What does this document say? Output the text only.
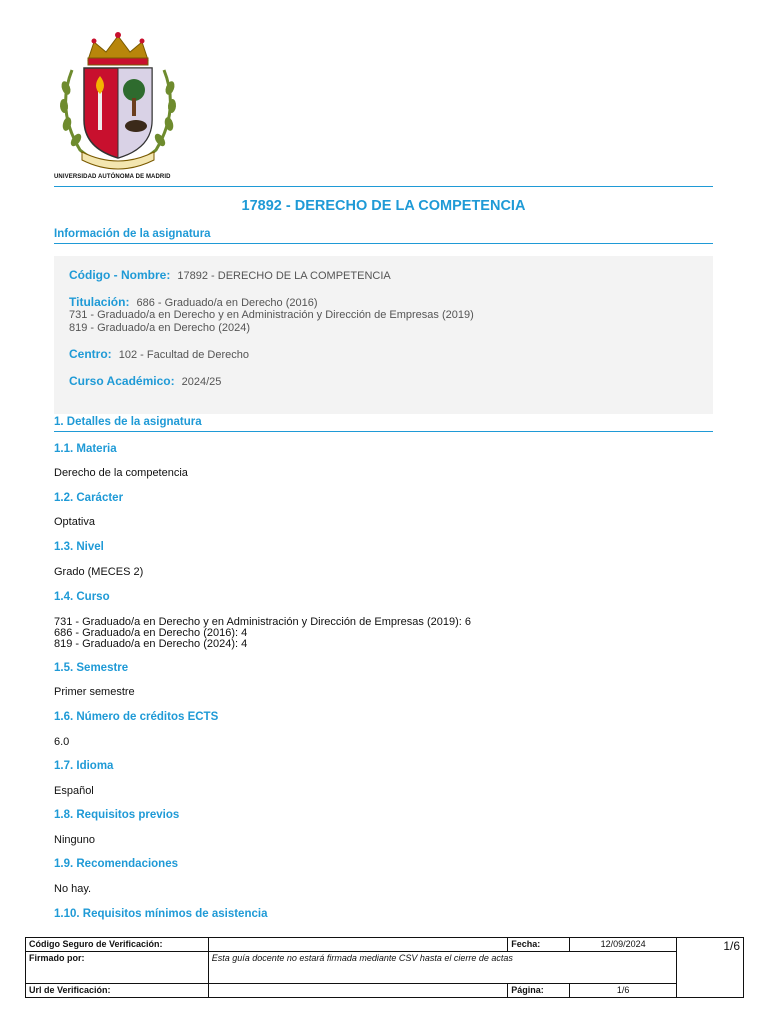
UNIVERSIDAD AUTÓNOMA DE MADRID
17892 - DERECHO DE LA COMPETENCIA
Información de la asignatura
Código - Nombre: 17892 - DERECHO DE LA COMPETENCIA
Titulación: 686 - Graduado/a en Derecho (2016)
731 - Graduado/a en Derecho y en Administración y Dirección de Empresas (2019)
819 - Graduado/a en Derecho (2024)
Centro: 102 - Facultad de Derecho
Curso Académico: 2024/25
1. Detalles de la asignatura
1.1. Materia
Derecho de la competencia
1.2. Carácter
Optativa
1.3. Nivel
Grado (MECES 2)
1.4. Curso
731 - Graduado/a en Derecho y en Administración y Dirección de Empresas (2019): 6
686 - Graduado/a en Derecho (2016): 4
819 - Graduado/a en Derecho (2024): 4
1.5. Semestre
Primer semestre
1.6. Número de créditos ECTS
6.0
1.7. Idioma
Español
1.8. Requisitos previos
Ninguno
1.9. Recomendaciones
No hay.
1.10. Requisitos mínimos de asistencia
Código Seguro de Verificación:		Fecha:	12/09/2024	1/6
Firmado por:	Esta guía docente no estará firmada mediante CSV hasta el cierre de actas			
Url de Verificación:		Página:	1/6	
